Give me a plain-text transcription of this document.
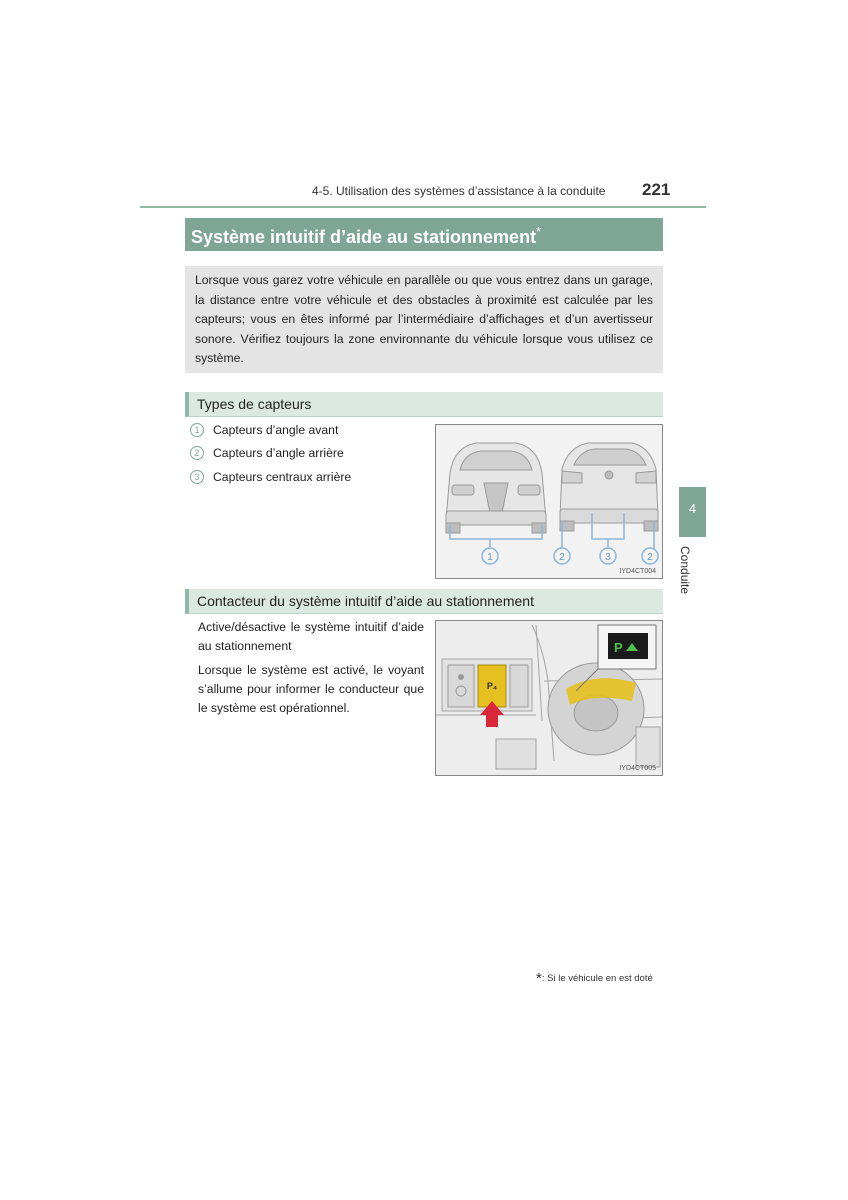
4-5. Utilisation des systèmes d’assistance à la conduite 221
Système intuitif d’aide au stationnement*

Lorsque vous garez votre véhicule en parallèle ou que vous entrez dans un garage, la distance entre votre véhicule et des obstacles à proximité est calculée par les capteurs; vous en êtes informé par l’intermédiaire d’affichages et d’un avertisseur sonore. Vérifiez toujours la zone environnante du véhicule lorsque vous utilisez ce système.

Types de capteurs
1 Capteurs d’angle avant
2 Capteurs d’angle arrière
3 Capteurs centraux arrière
1	2	3	2
IYD4CT004
Contacteur du système intuitif d’aide au stationnement
Active/désactive le système intuitif d’aide au stationnement
Lorsque le système est activé, le voyant s’allume pour informer le conducteur que le système est opérationnel.
P₄
P
IYD4CT005
4
Conduite
*: Si le véhicule en est doté
